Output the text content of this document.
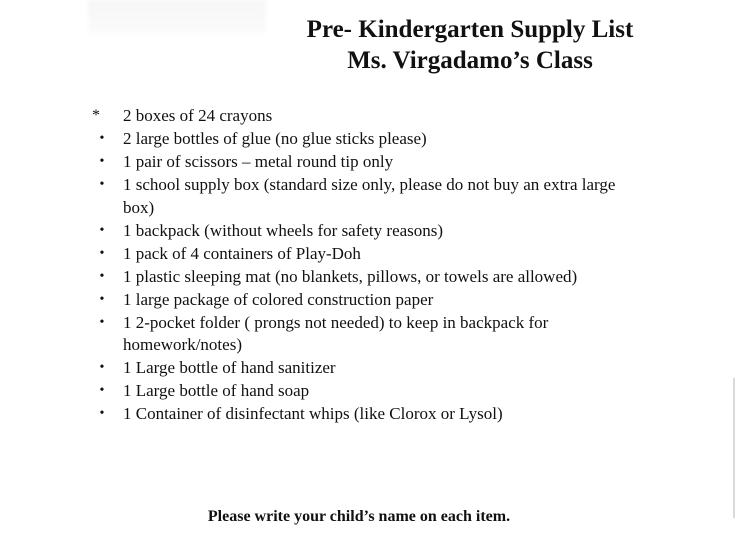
Pre- Kindergarten Supply List
Ms. Virgadamo’s Class
* 2 boxes of 24 crayons
• 2 large bottles of glue (no glue sticks please)
• 1 pair of scissors – metal round tip only
• 1 school supply box (standard size only, please do not buy an extra large box)
• 1 backpack (without wheels for safety reasons)
• 1 pack of 4 containers of Play-Doh
• 1 plastic sleeping mat (no blankets, pillows, or towels are allowed)
• 1 large package of colored construction paper
• 1 2-pocket folder ( prongs not needed) to keep in backpack for homework/notes)
• 1 Large bottle of hand sanitizer
• 1 Large bottle of hand soap
• 1 Container of disinfectant whips (like Clorox or Lysol)
Please write your child’s name on each item.
